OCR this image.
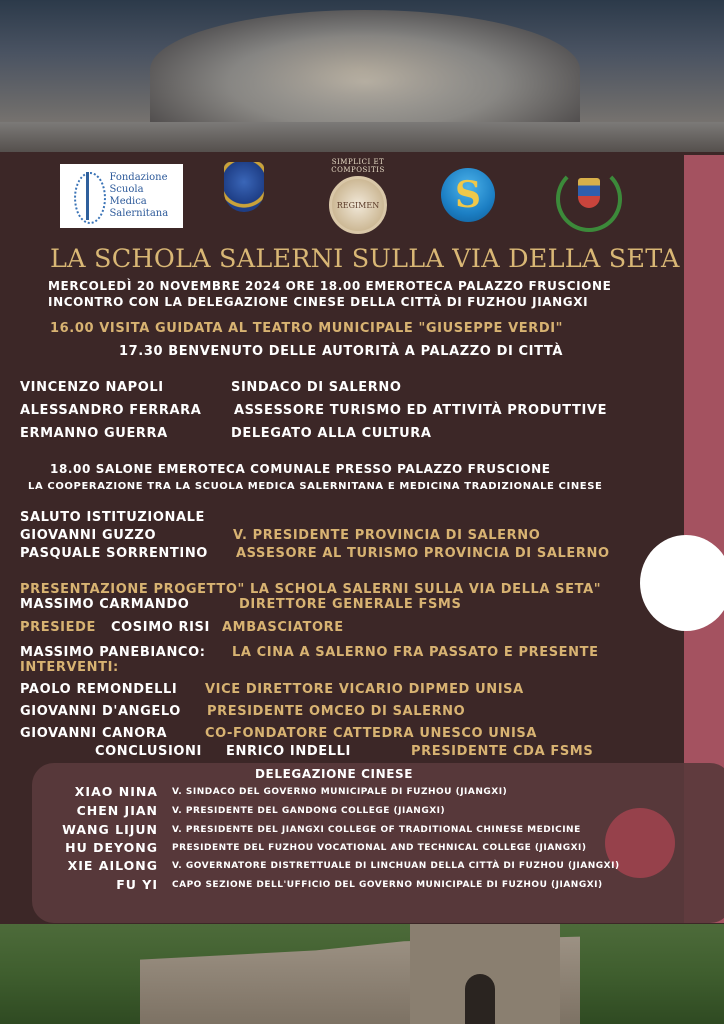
Fondazione
Scuola Medica
Salernitana
SIMPLICI ET COMPOSITIS
REGIMEN S
LA SCHOLA SALERNI SULLA VIA DELLA SETA
MERCOLEDÌ 20 NOVEMBRE 2024 ORE 18.00 EMEROTECA PALAZZO FRUSCIONE
INCONTRO CON LA DELEGAZIONE CINESE DELLA CITTÀ DI FUZHOU JIANGXI
16.00 VISITA GUIDATA AL TEATRO MUNICIPALE "GIUSEPPE VERDI"
17.30 BENVENUTO DELLE AUTORITÀ A PALAZZO DI CITTÀ
VINCENZO NAPOLI	SINDACO DI SALERNO
ALESSANDRO FERRARA	ASSESSORE TURISMO ED ATTIVITÀ PRODUTTIVE
ERMANNO GUERRA	DELEGATO ALLA CULTURA
18.00 SALONE EMEROTECA COMUNALE PRESSO PALAZZO FRUSCIONE
LA COOPERAZIONE TRA LA SCUOLA MEDICA SALERNITANA E MEDICINA TRADIZIONALE CINESE
SALUTO ISTITUZIONALE
GIOVANNI GUZZO	V. PRESIDENTE PROVINCIA DI SALERNO
PASQUALE SORRENTINO ASSESORE AL TURISMO PROVINCIA DI SALERNO
PRESENTAZIONE PROGETTO" LA SCHOLA SALERNI SULLA VIA DELLA SETA"
MASSIMO CARMANDO	DIRETTORE GENERALE FSMS
PRESIEDE COSIMO RISI AMBASCIATORE
MASSIMO PANEBIANCO: LA CINA A SALERNO FRA PASSATO E PRESENTE
INTERVENTI:
PAOLO REMONDELLI VICE DIRETTORE VICARIO DIPMED UNISA
GIOVANNI D'ANGELO PRESIDENTE OMCEO DI SALERNO
GIOVANNI CANORA	CO-FONDATORE CATTEDRA UNESCO UNISA
CONCLUSIONI ENRICO INDELLI	PRESIDENTE CDA FSMS
DELEGAZIONE CINESE
XIAO NINA V. SINDACO DEL GOVERNO MUNICIPALE DI FUZHOU (JIANGXI)
CHEN JIAN V. PRESIDENTE DEL GANDONG COLLEGE (JIANGXI)
WANG LIJUN V. PRESIDENTE DEL JIANGXI COLLEGE OF TRADITIONAL CHINESE MEDICINE
HU DEYONG PRESIDENTE DEL FUZHOU VOCATIONAL AND TECHNICAL COLLEGE (JIANGXI)
XIE AILONG V. GOVERNATORE DISTRETTUALE DI LINCHUAN DELLA CITTÀ DI FUZHOU (JIANGXI)
FU YI CAPO SEZIONE DELL'UFFICIO DEL GOVERNO MUNICIPALE DI FUZHOU (JIANGXI)
